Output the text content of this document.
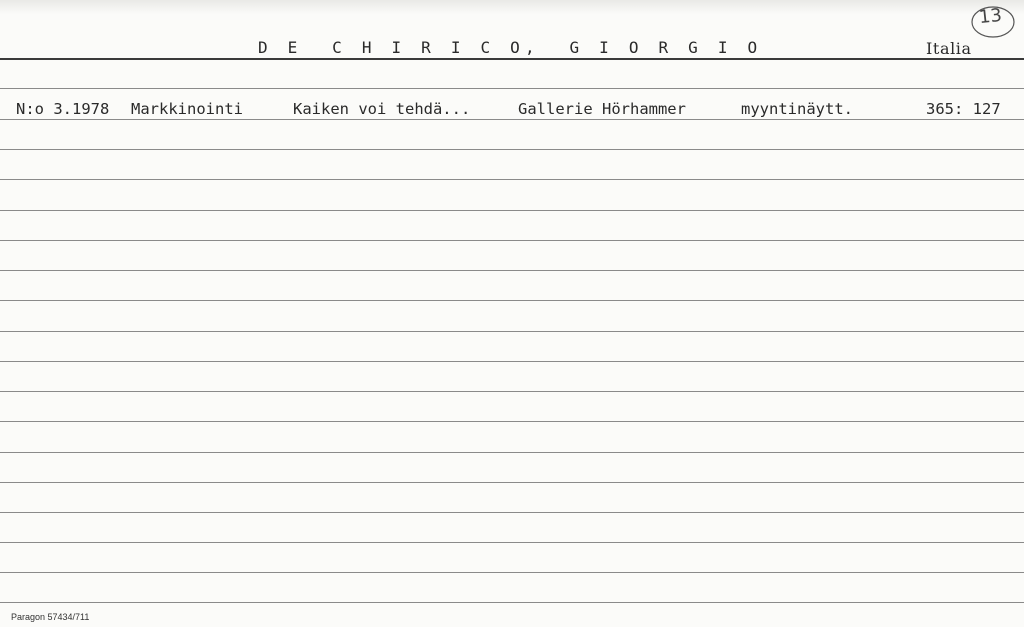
D E  C H I R I C O,  G I O R G I O	Italia
13
N:o 3.1978 Markkinointi	Kaiken voi tehdä...	Gallerie Hörhammer	myyntinäytt.	365: 127
Paragon 57434/711
